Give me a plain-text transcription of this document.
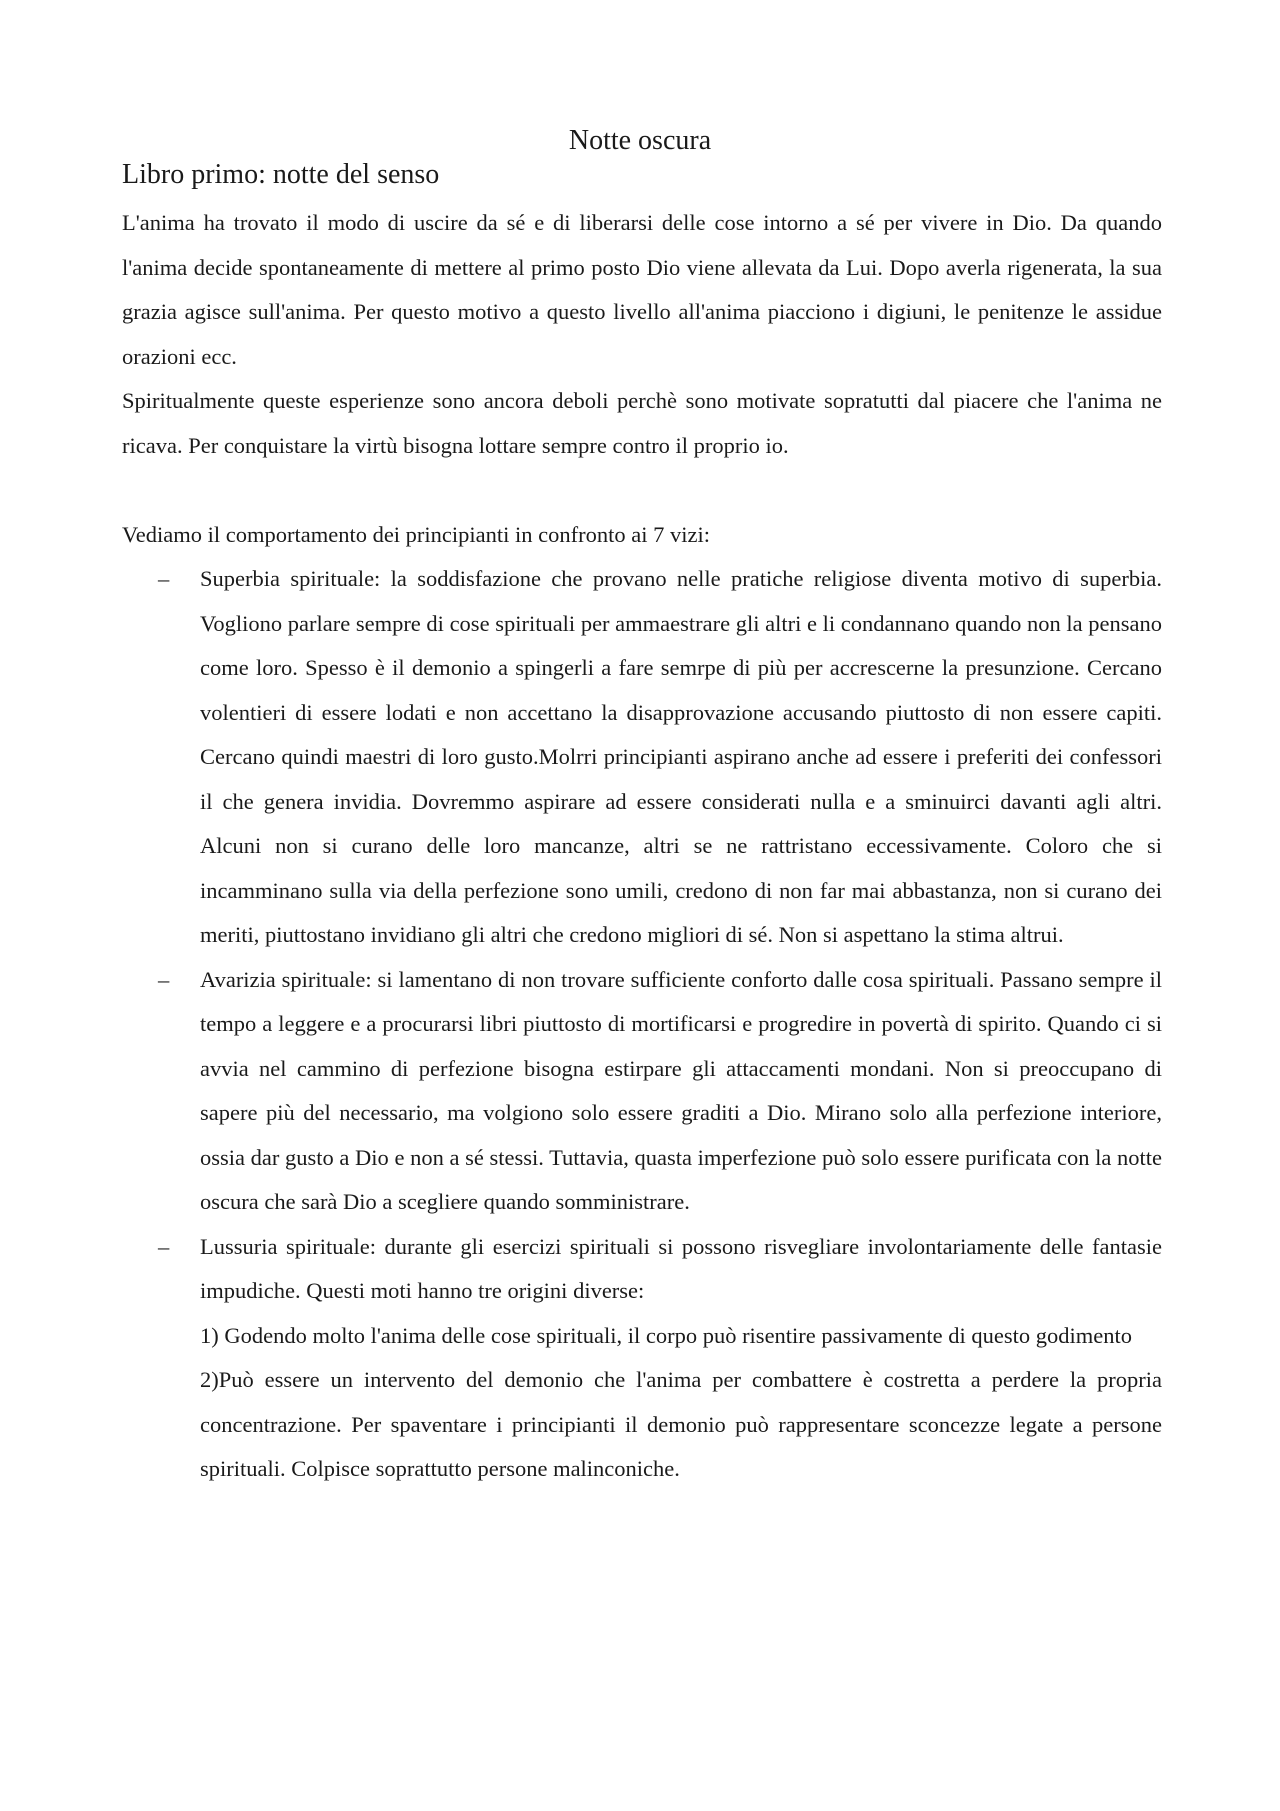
Notte oscura
Libro primo: notte del senso

L'anima ha trovato il modo di uscire da sé e di liberarsi delle cose intorno a sé per vivere in Dio. Da quando l'anima decide spontaneamente di mettere al primo posto Dio viene allevata da Lui. Dopo averla rigenerata, la sua grazia agisce sull'anima. Per questo motivo a questo livello all'anima piacciono i digiuni, le penitenze le assidue orazioni ecc.

Spiritualmente queste esperienze sono ancora deboli perchè sono motivate sopratutti dal piacere che l'anima ne ricava. Per conquistare la virtù bisogna lottare sempre contro il proprio io.

Vediamo il comportamento dei principianti in confronto ai 7 vizi:

– Superbia spirituale: la soddisfazione che provano nelle pratiche religiose diventa motivo di superbia. Vogliono parlare sempre di cose spirituali per ammaestrare gli altri e li condannano quando non la pensano come loro. Spesso è il demonio a spingerli a fare semrpe di più per accrescerne la presunzione. Cercano volentieri di essere lodati e non accettano la disapprovazione accusando piuttosto di non essere capiti. Cercano quindi maestri di loro gusto.Molrri principianti aspirano anche ad essere i preferiti dei confessori il che genera invidia. Dovremmo aspirare ad essere considerati nulla e a sminuirci davanti agli altri. Alcuni non si curano delle loro mancanze, altri se ne rattristano eccessivamente. Coloro che si incamminano sulla via della perfezione sono umili, credono di non far mai abbastanza, non si curano dei meriti, piuttostano invidiano gli altri che credono migliori di sé. Non si aspettano la stima altrui.

– Avarizia spirituale: si lamentano di non trovare sufficiente conforto dalle cosa spirituali. Passano sempre il tempo a leggere e a procurarsi libri piuttosto di mortificarsi e progredire in povertà di spirito. Quando ci si avvia nel cammino di perfezione bisogna estirpare gli attaccamenti mondani. Non si preoccupano di sapere più del necessario, ma volgiono solo essere graditi a Dio. Mirano solo alla perfezione interiore, ossia dar gusto a Dio e non a sé stessi. Tuttavia, quasta imperfezione può solo essere purificata con la notte oscura che sarà Dio a scegliere quando somministrare.

– Lussuria spirituale: durante gli esercizi spirituali si possono risvegliare involontariamente delle fantasie impudiche. Questi moti hanno tre origini diverse:

1) Godendo molto l'anima delle cose spirituali, il corpo può risentire passivamente di questo godimento

2)Può essere un intervento del demonio che l'anima per combattere è costretta a perdere la propria concentrazione. Per spaventare i principianti il demonio può rappresentare sconcezze legate a persone spirituali. Colpisce soprattutto persone malinconiche.
